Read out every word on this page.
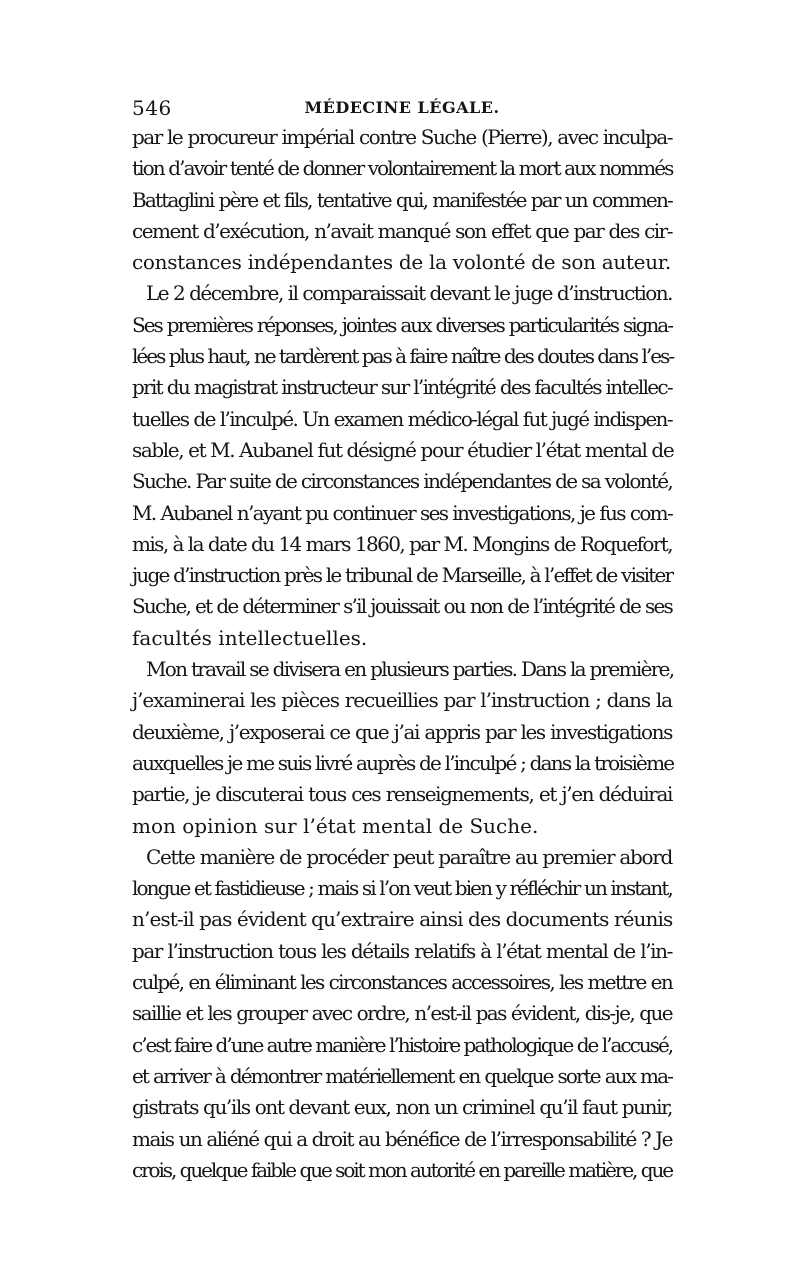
546	MÉDECINE LÉGALE.

par le procureur impérial contre Suche (Pierre), avec inculpa-
tion d’avoir tenté de donner volontairement la mort aux nommés
Battaglini père et fils, tentative qui, manifestée par un commen-
cement d’exécution, n’avait manqué son effet que par des cir-
constances indépendantes de la volonté de son auteur.

Le 2 décembre, il comparaissait devant le juge d’instruction.
Ses premières réponses, jointes aux diverses particularités signa-
lées plus haut, ne tardèrent pas à faire naître des doutes dans l’es-
prit du magistrat instructeur sur l’intégrité des facultés intellec-
tuelles de l’inculpé. Un examen médico-légal fut jugé indispen-
sable, et M. Aubanel fut désigné pour étudier l’état mental de
Suche. Par suite de circonstances indépendantes de sa volonté,
M. Aubanel n’ayant pu continuer ses investigations, je fus com-
mis, à la date du 14 mars 1860, par M. Mongins de Roquefort,
juge d’instruction près le tribunal de Marseille, à l’effet de visiter
Suche, et de déterminer s’il jouissait ou non de l’intégrité de ses
facultés intellectuelles.

Mon travail se divisera en plusieurs parties. Dans la première,
j’examinerai les pièces recueillies par l’instruction ; dans la
deuxième, j’exposerai ce que j’ai appris par les investigations
auxquelles je me suis livré auprès de l’inculpé ; dans la troisième
partie, je discuterai tous ces renseignements, et j’en déduirai
mon opinion sur l’état mental de Suche.

Cette manière de procéder peut paraître au premier abord
longue et fastidieuse ; mais si l’on veut bien y réfléchir un instant,
n’est-il pas évident qu’extraire ainsi des documents réunis
par l’instruction tous les détails relatifs à l’état mental de l’in-
culpé, en éliminant les circonstances accessoires, les mettre en
saillie et les grouper avec ordre, n’est-il pas évident, dis-je, que
c’est faire d’une autre manière l’histoire pathologique de l’accusé,
et arriver à démontrer matériellement en quelque sorte aux ma-
gistrats qu’ils ont devant eux, non un criminel qu’il faut punir,
mais un aliéné qui a droit au bénéfice de l’irresponsabilité ? Je
crois, quelque faible que soit mon autorité en pareille matière, que
